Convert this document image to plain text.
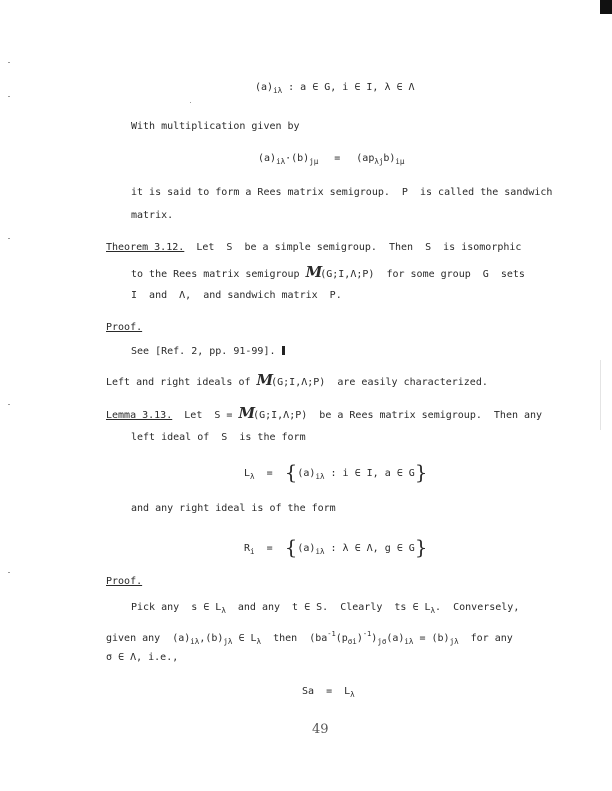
$(a)_{i\lambda}$ : a ∈ G, i ∈ I, λ ∈ Λ
With multiplication given by
$(a)_{i\lambda}\cdot(b)_{j\mu} = (ap_{\lambda j}b)_{i\mu}$
it is said to form a Rees matrix semigroup.  P  is called the sandwich
matrix.
Theorem 3.12.  Let  S  be a simple semigroup.  Then  S  is isomorphic
to the Rees matrix semigroup M(G;I,Λ;P)  for some group  G  sets
I  and  Λ,  and sandwich matrix  P.
Proof.
See [Ref. 2, pp. 91-99].
Left and right ideals of M(G;I,Λ;P)  are easily characterized.
Lemma 3.13.  Let  S = M(G;I,Λ;P)  be a Rees matrix semigroup.  Then any
left ideal of  S  is the form
$L_\lambda = \{(a)_{i\lambda}$ : i ∈ I, a ∈ G}
and any right ideal is of the form
$R_i = \{(a)_{i\lambda}$ : λ ∈ Λ, g ∈ G}
Proof.
Pick any  s ∈ $L_\lambda$  and any  t ∈ S.  Clearly  ts ∈ $L_\lambda$.  Conversely,
given any  $(a)_{i\lambda},(b)_{j\lambda}$ ∈ $L_\lambda$  then  $(ba^{-1}(p_{\sigma i})^{-1})_{j\sigma}(a)_{i\lambda} = (b)_{j\lambda}$  for any
σ ∈ Λ, i.e.,
$Sa = L_\lambda$
49
